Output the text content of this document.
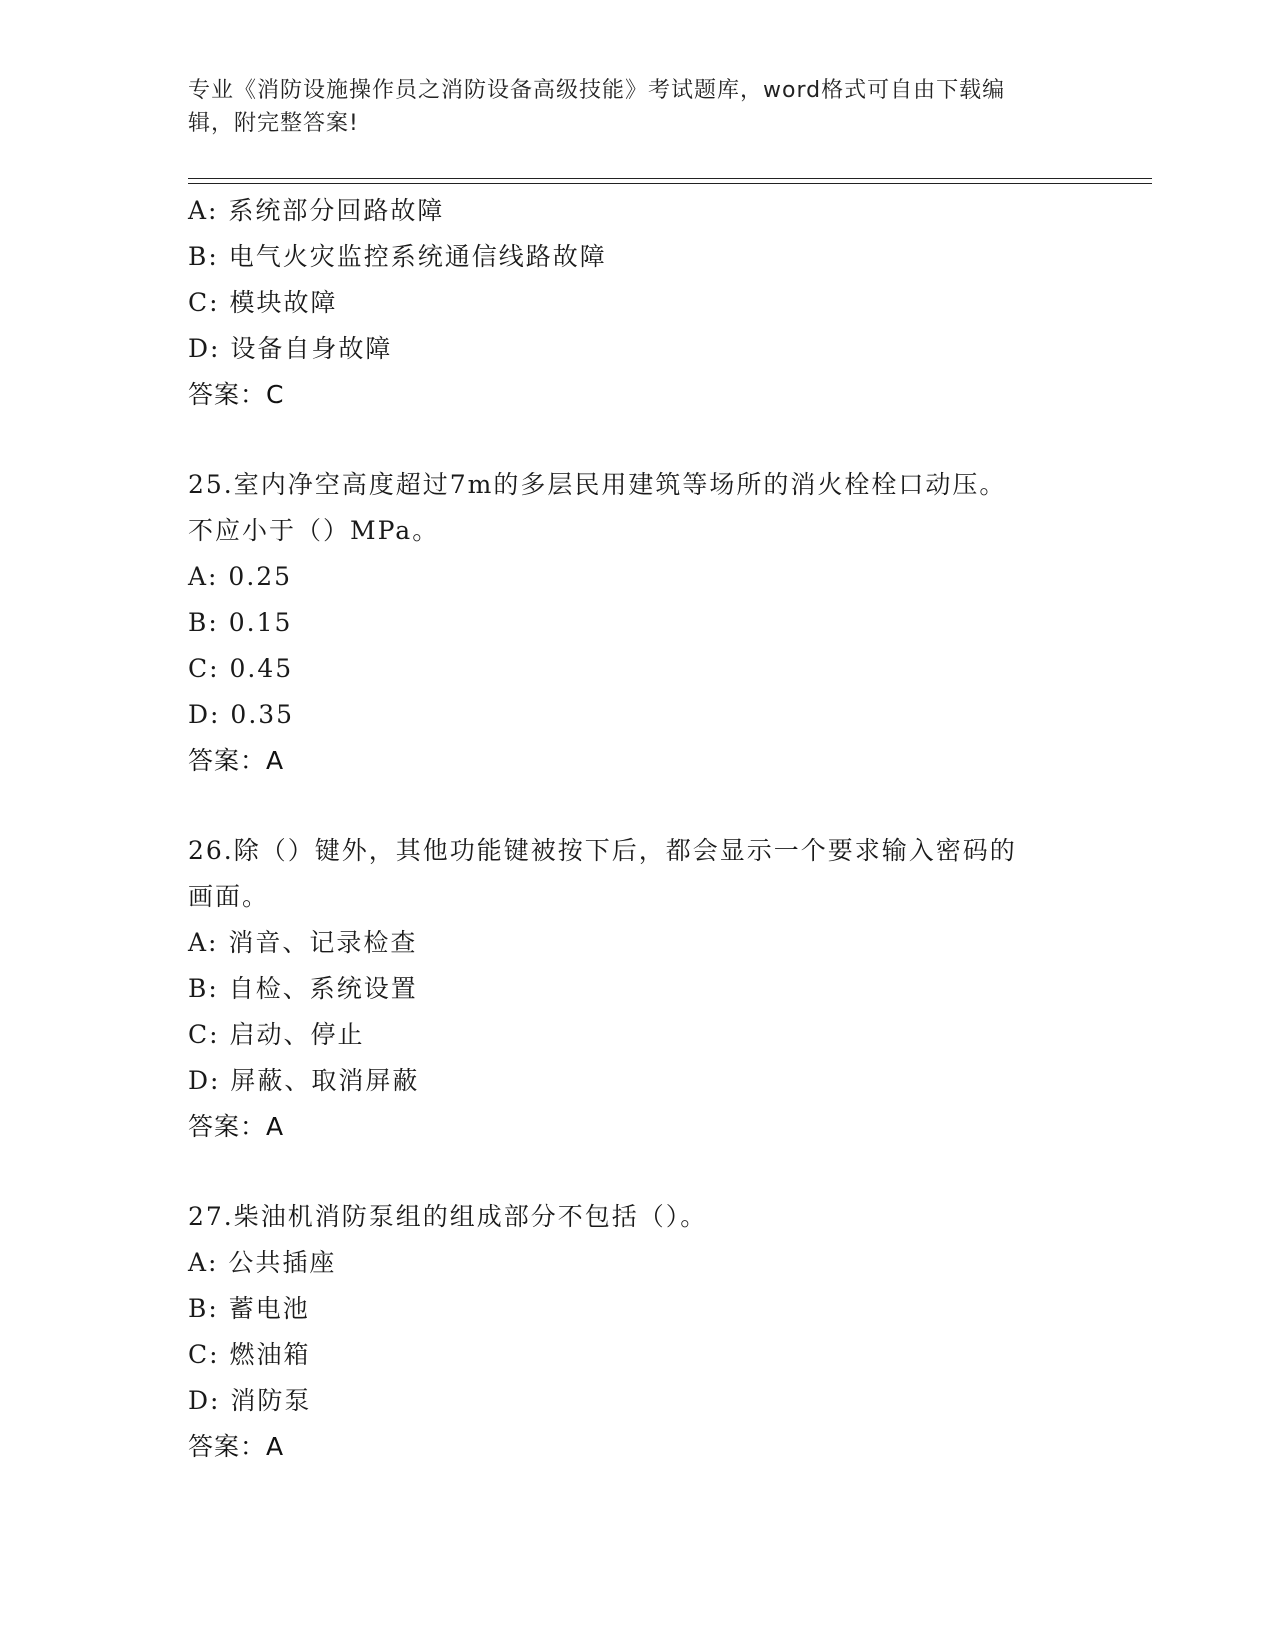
专业《消防设施操作员之消防设备高级技能》考试题库，word格式可自由下载编
辑，附完整答案!
A: 系统部分回路故障
B: 电气火灾监控系统通信线路故障
C: 模块故障
D: 设备自身故障
答案：C
25.室内净空高度超过7m的多层民用建筑等场所的消火栓栓口动压。
不应小于（）MPa。
A: 0.25
B: 0.15
C: 0.45
D: 0.35
答案：A
26.除（）键外，其他功能键被按下后，都会显示一个要求输入密码的
画面。
A: 消音、记录检查
B: 自检、系统设置
C: 启动、停止
D: 屏蔽、取消屏蔽
答案：A
27.柴油机消防泵组的组成部分不包括（）。
A: 公共插座
B: 蓄电池
C: 燃油箱
D: 消防泵
答案：A
